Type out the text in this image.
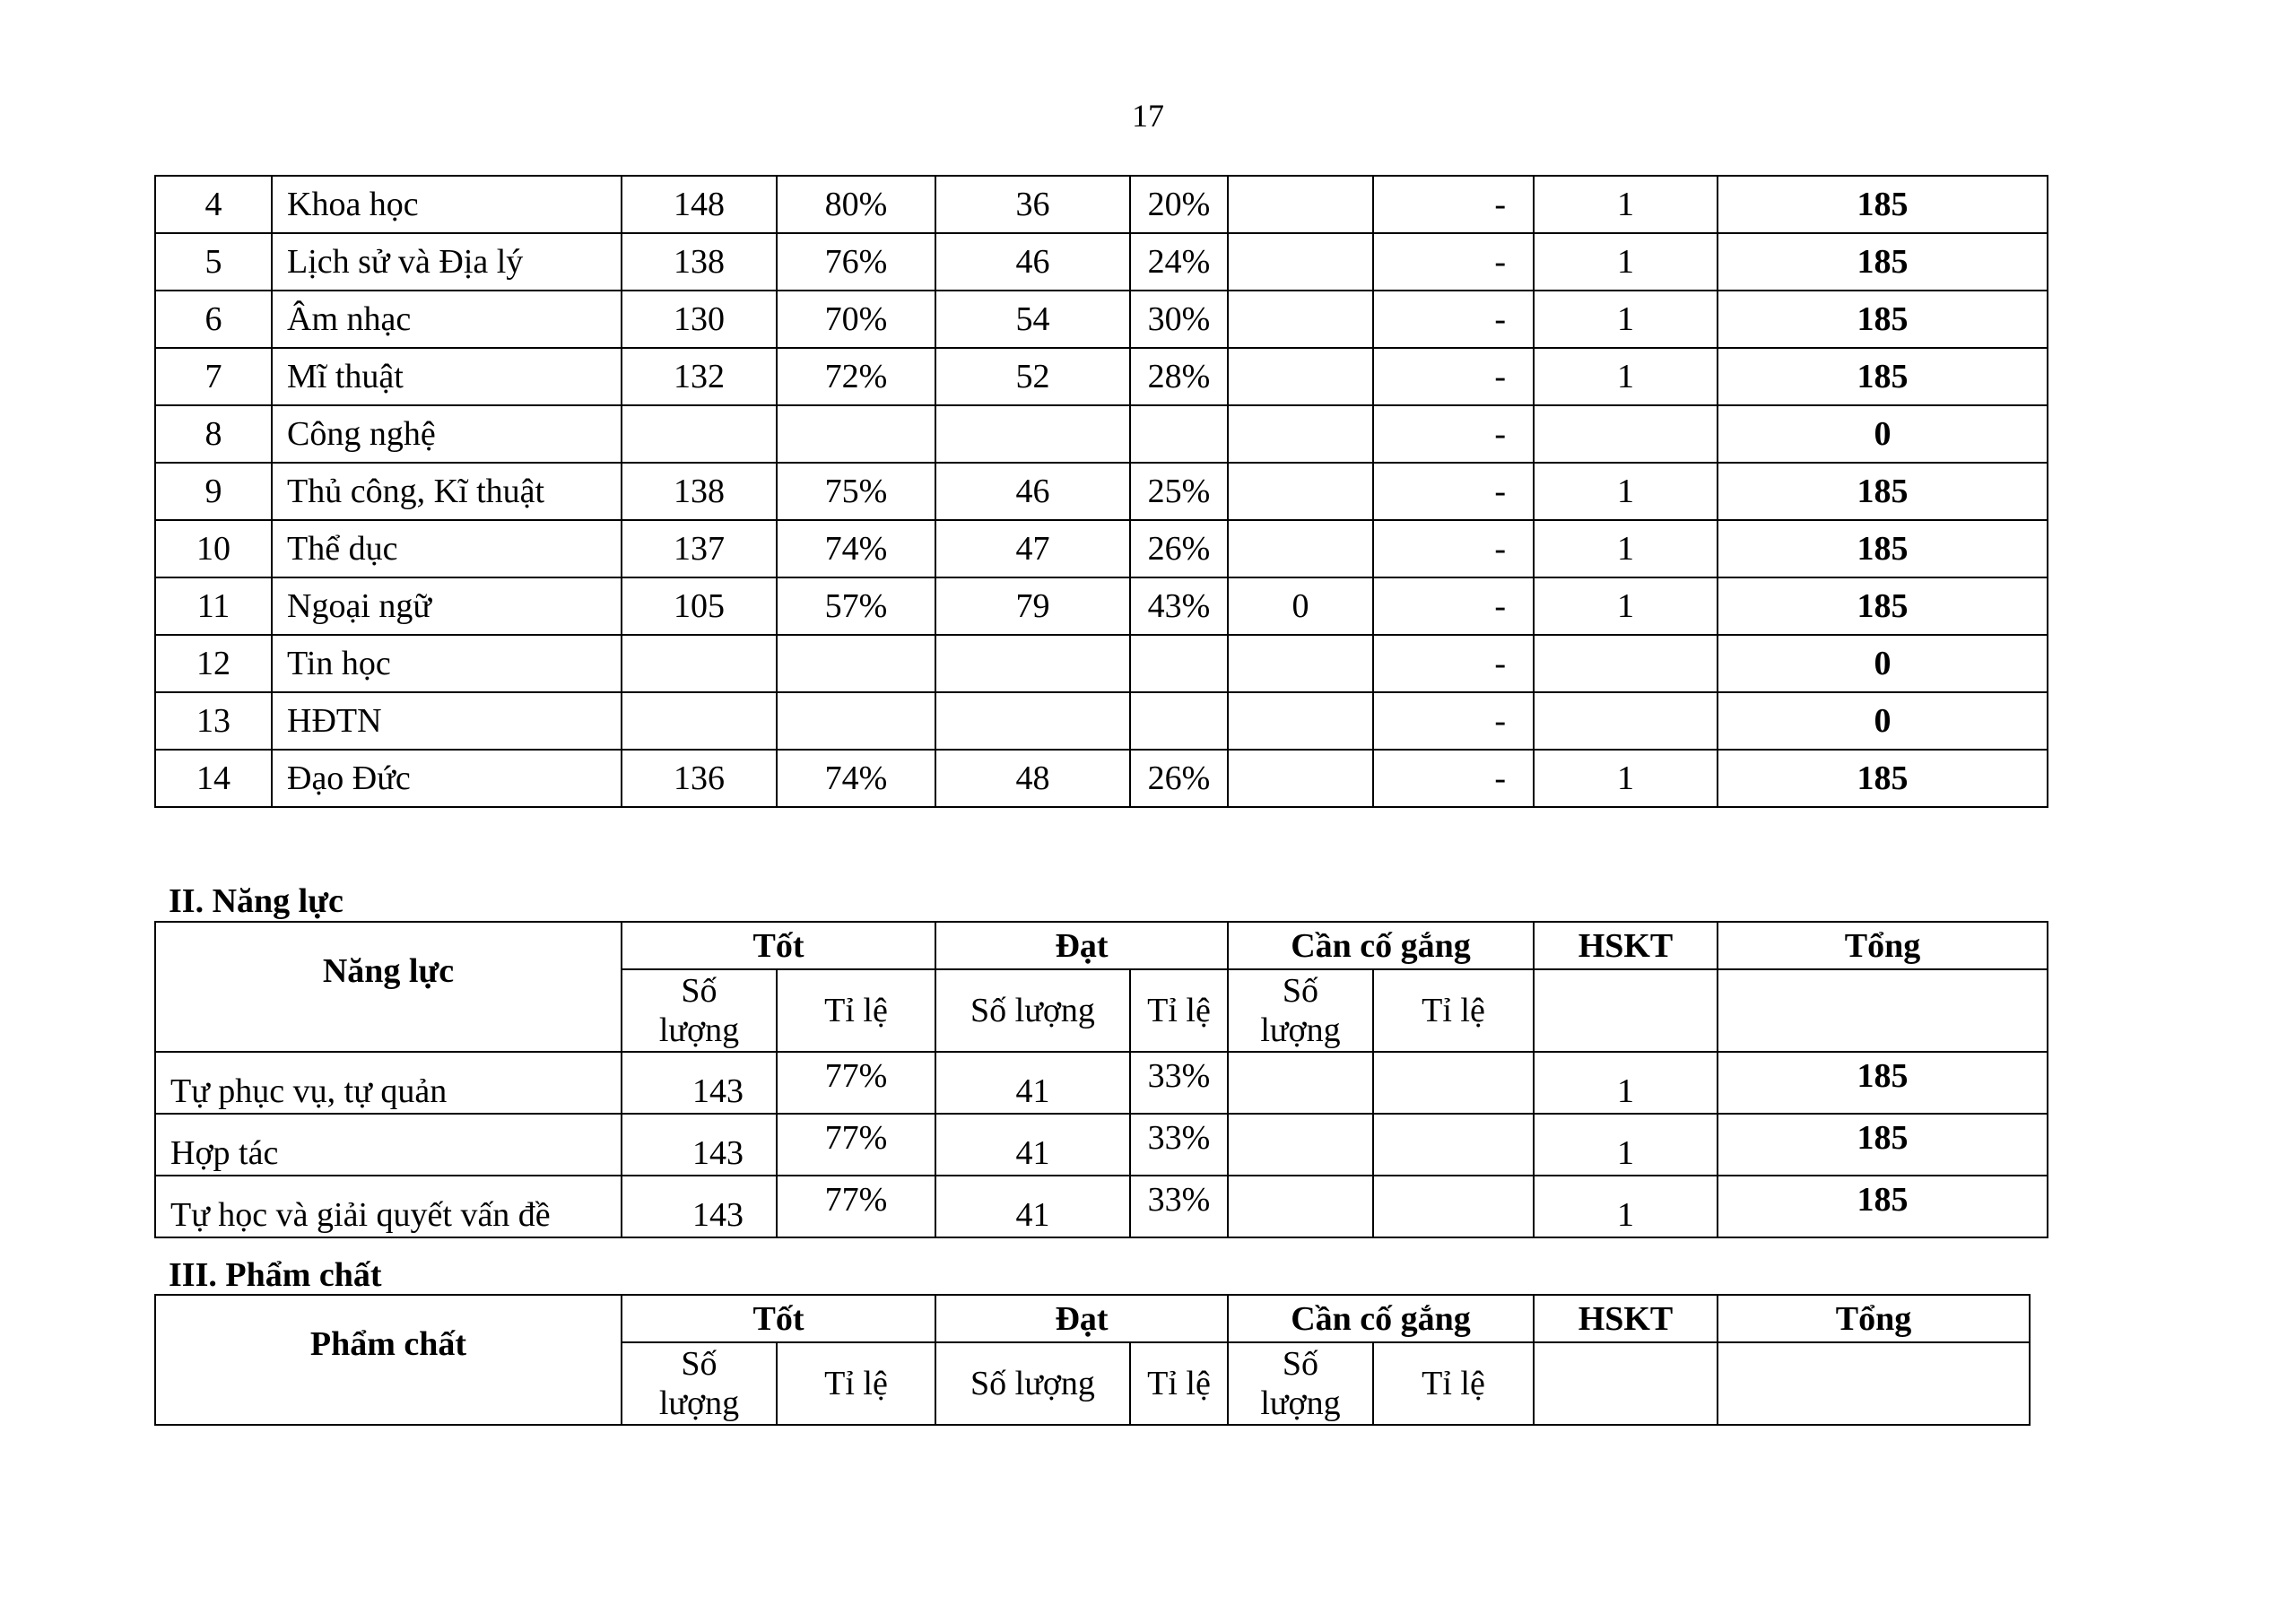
17
4	Khoa học	148	80%	36	20%		-	1	185
5	Lịch sử và Địa lý	138	76%	46	24%		-	1	185
6	Âm nhạc	130	70%	54	30%		-	1	185
7	Mĩ thuật	132	72%	52	28%		-	1	185
8	Công nghệ						-		0
9	Thủ công, Kĩ thuật	138	75%	46	25%		-	1	185
10	Thể dục	137	74%	47	26%		-	1	185
11	Ngoại ngữ	105	57%	79	43%	0	-	1	185
12	Tin học						-		0
13	HĐTN						-		0
14	Đạo Đức	136	74%	48	26%		-	1	185
II. Năng lực
Năng lực	Tốt		Đạt		Cần cố gắng		HSKT	Tổng

	Số lượng	Tỉ lệ	Số lượng	Tỉ lệ	Số lượng	Tỉ lệ		
Tự phục vụ, tự quản	143	77%	41	33%			1	185
Hợp tác	143	77%	41	33%			1	185
Tự học và giải quyết vấn đề	143	77%	41	33%			1	185
III. Phẩm chất
Phẩm chất	Tốt		Đạt		Cần cố gắng		HSKT	Tổng

	Số lượng	Tỉ lệ	Số lượng	Tỉ lệ	Số lượng	Tỉ lệ		
